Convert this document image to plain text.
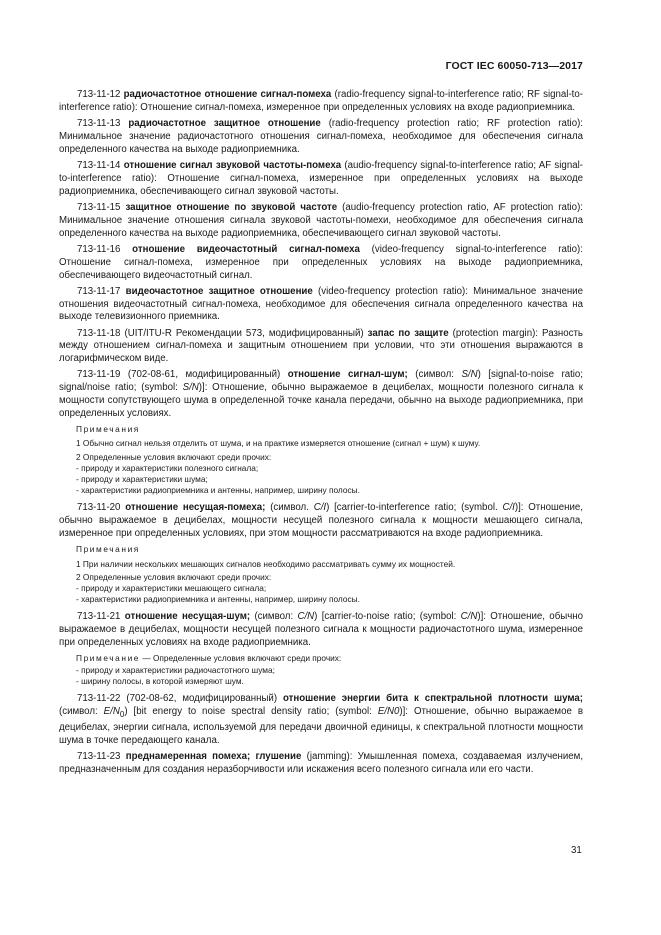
ГОСТ IEC 60050-713—2017

713-11-12 радиочастотное отношение сигнал-помеха (radio-frequency signal-to-interference ratio; RF signal-to-interference ratio): Отношение сигнал-помеха, измеренное при определенных условиях на входе радиоприемника.

713-11-13 радиочастотное защитное отношение (radio-frequency protection ratio; RF protection ratio): Минимальное значение радиочастотного отношения сигнал-помеха, необходимое для обеспечения сигнала определенного качества на выходе радиоприемника.

713-11-14 отношение сигнал звуковой частоты-помеха (audio-frequency signal-to-interference ratio; AF signal-to-interference ratio): Отношение сигнал-помеха, измеренное при определенных условиях на выходе радиоприемника, обеспечивающего сигнал звуковой частоты.

713-11-15 защитное отношение по звуковой частоте (audio-frequency protection ratio, AF protection ratio): Минимальное значение отношения сигнала звуковой частоты-помехи, необходимое для обеспечения сигнала определенного качества на выходе радиоприемника, обеспечивающего сигнал звуковой частоты.

713-11-16 отношение видеочастотный сигнал-помеха (video-frequency signal-to-interference ratio): Отношение сигнал-помеха, измеренное при определенных условиях на выходе радиоприемника, обеспечивающего видеочастотный сигнал.

713-11-17 видеочастотное защитное отношение (video-frequency protection ratio): Минимальное значение отношения видеочастотный сигнал-помеха, необходимое для обеспечения сигнала определенного качества на выходе телевизионного приемника.

713-11-18 (UIT/ITU-R Рекомендации 573, модифицированный) запас по защите (protection margin): Разность между отношением сигнал-помеха и защитным отношением при условии, что эти отношения выражаются в логарифмическом виде.

713-11-19 (702-08-61, модифицированный) отношение сигнал-шум; (символ: S/N) [signal-to-noise ratio; signal/noise ratio; (symbol: S/N)]: Отношение, обычно выражаемое в децибелах, мощности полезного сигнала к мощности сопутствующего шума в определенной точке канала передачи, обычно на выходе радиоприемника, при определенных условиях.

Примечания
1 Обычно сигнал нельзя отделить от шума, и на практике измеряется отношение (сигнал + шум) к шуму.
2 Определенные условия включают среди прочих:
- природу и характеристики полезного сигнала;
- природу и характеристики шума;
- характеристики радиоприемника и антенны, например, ширину полосы.

713-11-20 отношение несущая-помеха; (символ. C/I) [carrier-to-interference ratio; (symbol. C/I)]: Отношение, обычно выражаемое в децибелах, мощности несущей полезного сигнала к мощности мешающего сигнала, измеренное при определенных условиях, при этом мощности рассматриваются на входе радиоприемника.

Примечания
1 При наличии нескольких мешающих сигналов необходимо рассматривать сумму их мощностей.
2 Определенные условия включают среди прочих:
- природу и характеристики мешающего сигнала;
- характеристики радиоприемника и антенны, например, ширину полосы.

713-11-21 отношение несущая-шум; (символ: C/N) [carrier-to-noise ratio; (symbol: C/N)]: Отношение, обычно выражаемое в децибелах, мощности несущей полезного сигнала к мощности радиочастотного шума, измеренное при определенных условиях на входе радиоприемника.

Примечание — Определенные условия включают среди прочих:
- природу и характеристики радиочастотного шума;
- ширину полосы, в которой измеряют шум.

713-11-22 (702-08-62, модифицированный) отношение энергии бита к спектральной плотности шума; (символ: $E/N_0$) [bit energy to noise spectral density ratio; (symbol: E/N0)]: Отношение, обычно выражаемое в децибелах, энергии сигнала, используемой для передачи двоичной единицы, к спектральной плотности мощности шума в точке передающего канала.

713-11-23 преднамеренная помеха; глушение (jamming): Умышленная помеха, создаваемая излучением, предназначенным для создания неразборчивости или искажения всего полезного сигнала или его части.

31
